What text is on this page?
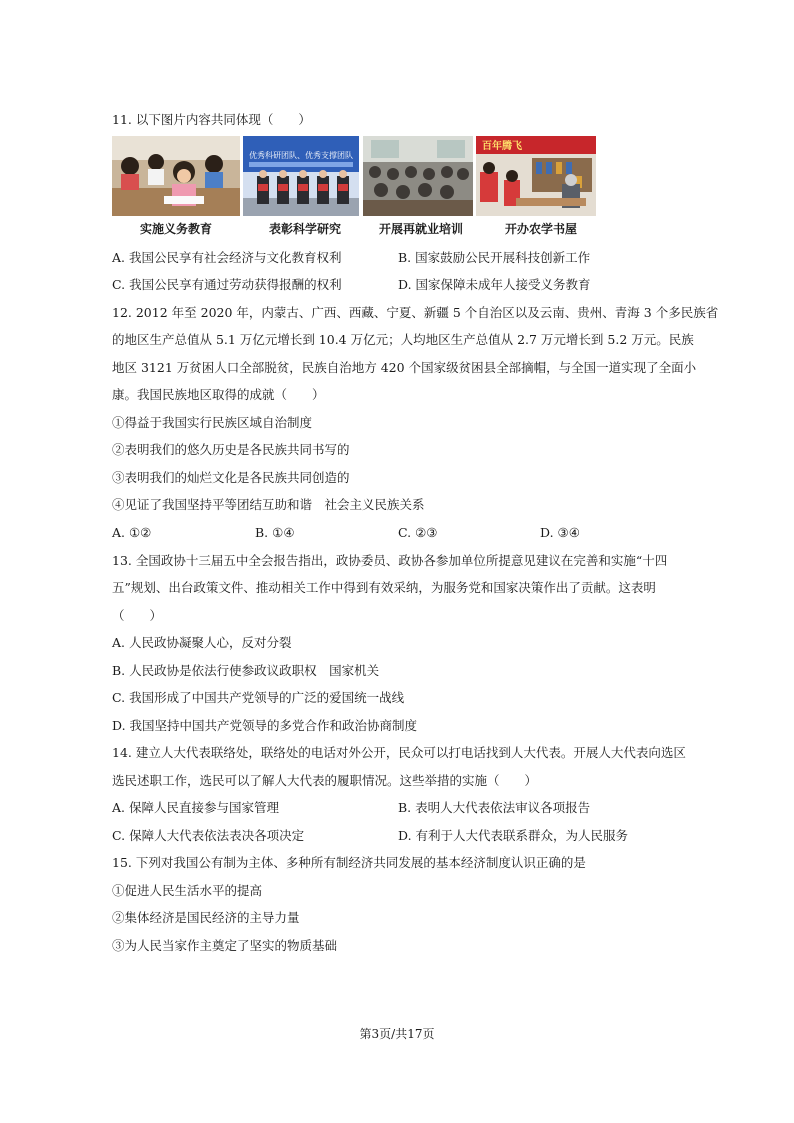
11. 以下图片内容共同体现（　　）
优秀科研团队、优秀支撑团队
百年腾飞
实施义务教育	表彰科学研究	开展再就业培训	开办农学书屋
A. 我国公民享有社会经济与文化教育权利	B. 国家鼓励公民开展科技创新工作
C. 我国公民享有通过劳动获得报酬的权利	D. 国家保障未成年人接受义务教育
12. 2012 年至 2020 年，内蒙古、广西、西藏、宁夏、新疆 5 个自治区以及云南、贵州、青海 3 个多民族省
的地区生产总值从 5.1 万亿元增长到 10.4 万亿元；人均地区生产总值从 2.7 万元增长到 5.2 万元。民族
地区 3121 万贫困人口全部脱贫，民族自治地方 420 个国家级贫困县全部摘帽，与全国一道实现了全面小
康。我国民族地区取得的成就（　　）
①得益于我国实行民族区域自治制度
②表明我们的悠久历史是各民族共同书写的
③表明我们的灿烂文化是各民族共同创造的
④见证了我国坚持平等团结互助和谐　社会主义民族关系
A. ①②	B. ①④	C. ②③	D. ③④
13. 全国政协十三届五中全会报告指出，政协委员、政协各参加单位所提意见建议在完善和实施“十四
五”规划、出台政策文件、推动相关工作中得到有效采纳，为服务党和国家决策作出了贡献。这表明
（　　）
A. 人民政协凝聚人心，反对分裂
B. 人民政协是依法行使参政议政职权　国家机关
C. 我国形成了中国共产党领导的广泛的爱国统一战线
D. 我国坚持中国共产党领导的多党合作和政治协商制度
14. 建立人大代表联络处，联络处的电话对外公开，民众可以打电话找到人大代表。开展人大代表向选区
选民述职工作，选民可以了解人大代表的履职情况。这些举措的实施（　　）
A. 保障人民直接参与国家管理	B. 表明人大代表依法审议各项报告
C. 保障人大代表依法表决各项决定	D. 有利于人大代表联系群众，为人民服务
15. 下列对我国公有制为主体、多种所有制经济共同发展的基本经济制度认识正确的是
①促进人民生活水平的提高
②集体经济是国民经济的主导力量
③为人民当家作主奠定了坚实的物质基础
第3页/共17页
